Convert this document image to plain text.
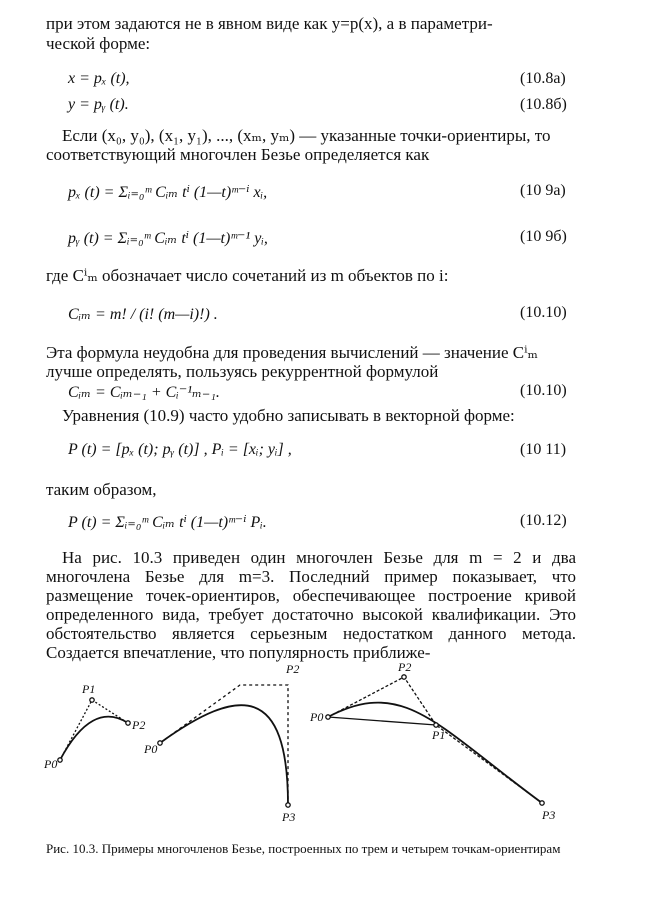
при этом задаются не в явном виде как y=p(x), а в параметри-
ческой форме:
x = pₓ (t),	(10.8а)
y = pᵧ (t).	(10.8б)
Если (x₀, y₀), (x₁, y₁), ..., (xₘ, yₘ) — указанные точки-ориентиры, то
соответствующий многочлен Безье определяется как
pₓ (t) = Σᵢ₌₀ᵐ Cᵢₘ tⁱ (1—t)ᵐ⁻ⁱ xᵢ,	(10 9а)
pᵧ (t) = Σᵢ₌₀ᵐ Cᵢₘ tⁱ (1—t)ᵐ⁻¹ yᵢ,	(10 9б)
где Cⁱₘ обозначает число сочетаний из m объектов по i:
Cᵢₘ = m! / (i! (m—i)!) .	(10.10)
Эта формула неудобна для проведения вычислений — значение Cⁱₘ
лучше определять, пользуясь рекуррентной формулой
Cᵢₘ = Cᵢₘ₋₁ + Cᵢ⁻¹ₘ₋₁.	(10.10)
Уравнения (10.9) часто удобно записывать в векторной форме:
P (t) = [pₓ (t); pᵧ (t)] , Pᵢ = [xᵢ; yᵢ] ,	(10 11)
таким образом,
P (t) = Σᵢ₌₀ᵐ Cᵢₘ tⁱ (1—t)ᵐ⁻ⁱ Pᵢ.	(10.12)
На рис. 10.3 приведен один многочлен Безье для m = 2 и два многочлена Безье для m=3. Последний пример показывает, что размещение точек-ориентиров, обеспечивающее построение кривой определенного вида, требует достаточно высокой квалификации. Это обстоятельство является серьезным недостатком данного метода. Создается впечатление, что популярность приближе-
P0
P1
P2
P0
P2
P3
P0
P1
P2
P3
Рис. 10.3. Примеры многочленов Безье, построенных по трем и четырем точкам-ориентирам
